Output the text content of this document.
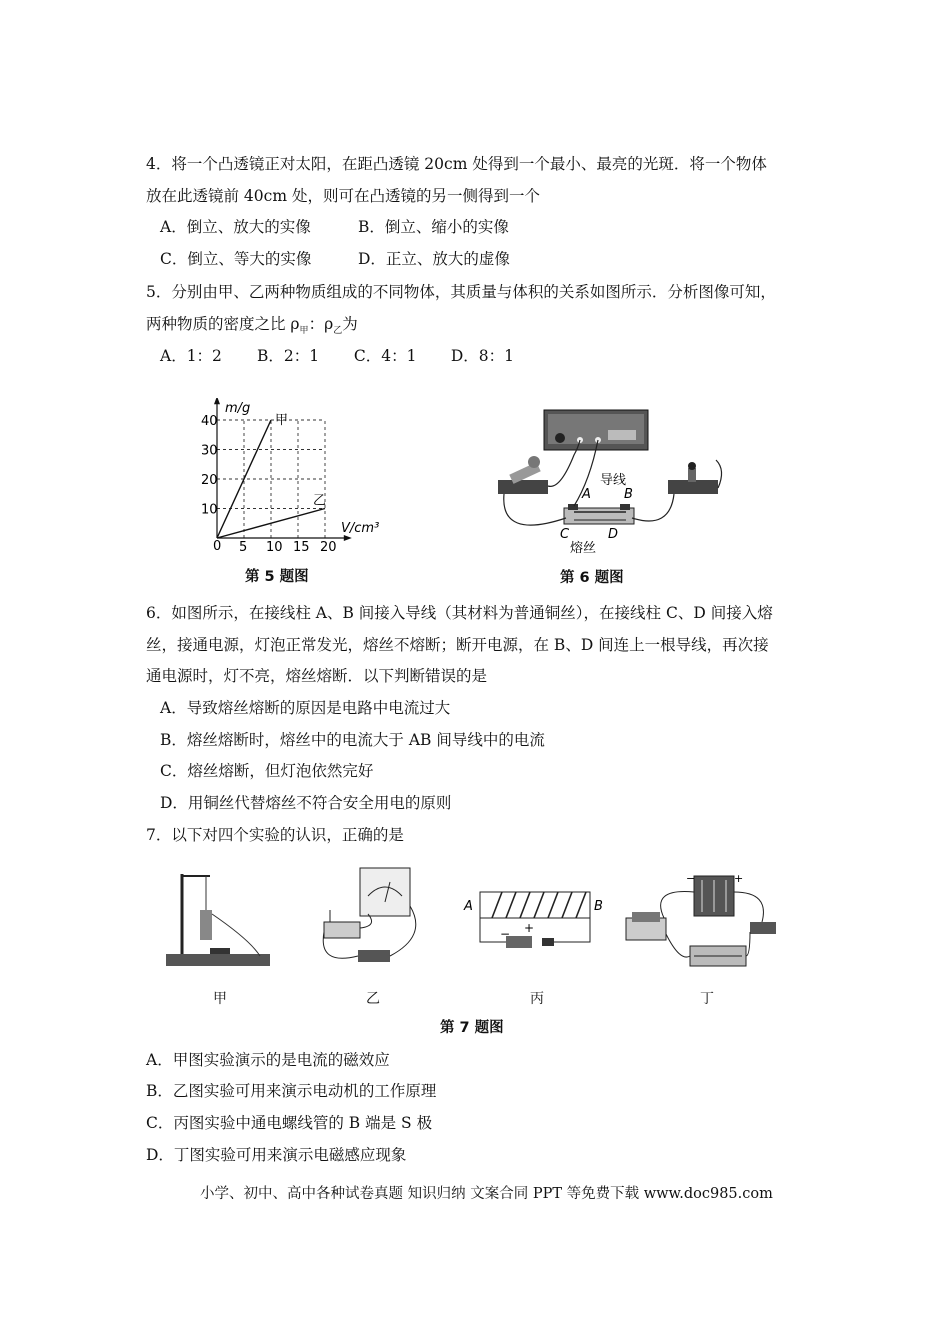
4．将一个凸透镜正对太阳，在距凸透镜 20cm 处得到一个最小、最亮的光斑．将一个物体
放在此透镜前 40cm 处，则可在凸透镜的另一侧得到一个
A．倒立、放大的实像	B．倒立、缩小的实像
C．倒立、等大的实像	D．正立、放大的虚像
5．分别由甲、乙两种物质组成的不同物体，其质量与体积的关系如图所示．分析图像可知，
两种物质的密度之比 $\rho_甲$：$\rho_乙$为
A．1：2 B．2：1 C．4：1 D．8：1
5 10 15 20
10
20
30
40
m/g
V/cm³
0
甲
乙
第 5 题图
导线
A	B
C	D
熔丝
第 6 题图
6．如图所示，在接线柱 A、B 间接入导线（其材料为普通铜丝），在接线柱 C、D 间接入熔
丝，接通电源，灯泡正常发光，熔丝不熔断；断开电源，在 B、D 间连上一根导线，再次接
通电源时，灯不亮，熔丝熔断．以下判断错误的是
A．导致熔丝熔断的原因是电路中电流过大
B．熔丝熔断时，熔丝中的电流大于 AB 间导线中的电流
C．熔丝熔断，但灯泡依然完好
D．用铜丝代替熔丝不符合安全用电的原则
7．以下对四个实验的认识，正确的是
− +
A	B
−	+
甲	乙	丙	丁
第 7 题图
A．甲图实验演示的是电流的磁效应
B．乙图实验可用来演示电动机的工作原理
C．丙图实验中通电螺线管的 B 端是 S 极
D．丁图实验可用来演示电磁感应现象
小学、初中、高中各种试卷真题 知识归纳 文案合同 PPT 等免费下载 www.doc985.com
